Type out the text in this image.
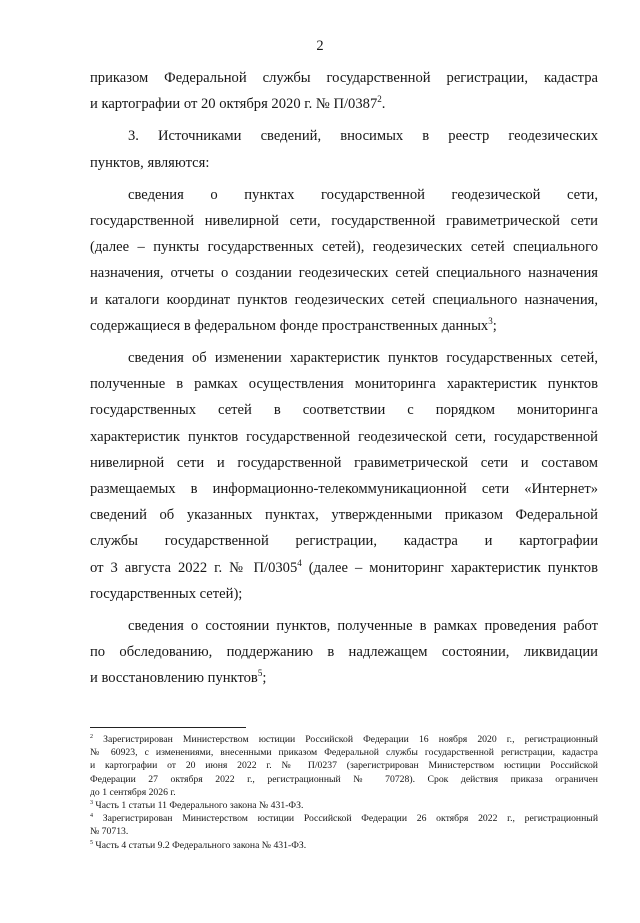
2

приказом Федеральной службы государственной регистрации, кадастра

и картографии от 20 октября 2020 г. № П/0387$^2$.

3. Источниками сведений, вносимых в реестр геодезических

пунктов, являются:

сведения о пунктах государственной геодезической сети,

государственной нивелирной сети, государственной гравиметрической сети

(далее – пункты государственных сетей), геодезических сетей специального

назначения, отчеты о создании геодезических сетей специального назначения

и каталоги координат пунктов геодезических сетей специального назначения,

содержащиеся в федеральном фонде пространственных данных$^3$;

сведения об изменении характеристик пунктов государственных сетей,

полученные в рамках осуществления мониторинга характеристик пунктов

государственных сетей в соответствии с порядком мониторинга

характеристик пунктов государственной геодезической сети, государственной

нивелирной сети и государственной гравиметрической сети и составом

размещаемых в информационно-телекоммуникационной сети «Интернет»

сведений об указанных пунктах, утвержденными приказом Федеральной

службы государственной регистрации, кадастра и картографии

от 3 августа 2022 г. № П/0305$^4$ (далее – мониторинг характеристик пунктов

государственных сетей);

сведения о состоянии пунктов, полученные в рамках проведения работ

по обследованию, поддержанию в надлежащем состоянии, ликвидации

и восстановлению пунктов$^5$;

$^2$ Зарегистрирован Министерством юстиции Российской Федерации 16 ноября 2020 г., регистрационный

№ 60923, с изменениями, внесенными приказом Федеральной службы государственной регистрации, кадастра

и картографии от 20 июня 2022 г. № П/0237 (зарегистрирован Министерством юстиции Российской

Федерации 27 октября 2022 г., регистрационный № 70728). Срок действия приказа ограничен

до 1 сентября 2026 г.

$^3$ Часть 1 статьи 11 Федерального закона № 431-ФЗ.

$^4$ Зарегистрирован Министерством юстиции Российской Федерации 26 октября 2022 г., регистрационный

№ 70713.

$^5$ Часть 4 статьи 9.2 Федерального закона № 431-ФЗ.
